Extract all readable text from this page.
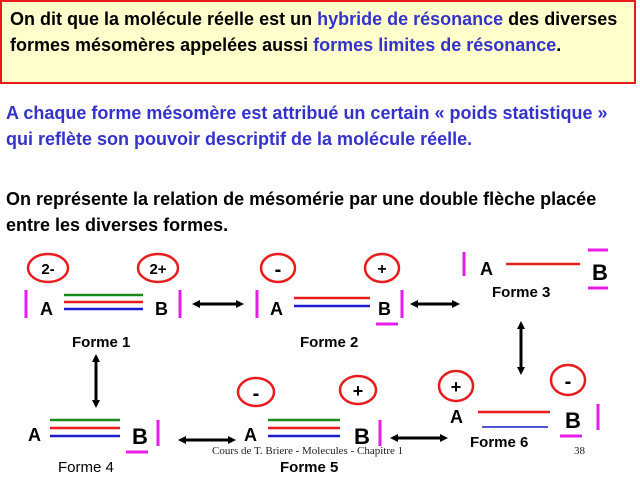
On dit que la molécule réelle est un hybride de résonance des diverses formes mésomères appelées aussi formes limites de résonance.
A chaque forme mésomère est attribué un certain « poids statistique » qui reflète son pouvoir descriptif de la molécule réelle.
On représente la relation de mésomérie par une double flèche placée entre les diverses formes.
2-	2+
A	B
Forme 1
-	+
A	B
Forme 2
A	B
Forme 3
A	B
Forme 4
-	+
A	B
Forme 5
+	-
A	B
Forme 6
Cours de T. Briere - Molecules - Chapitre 1	38
